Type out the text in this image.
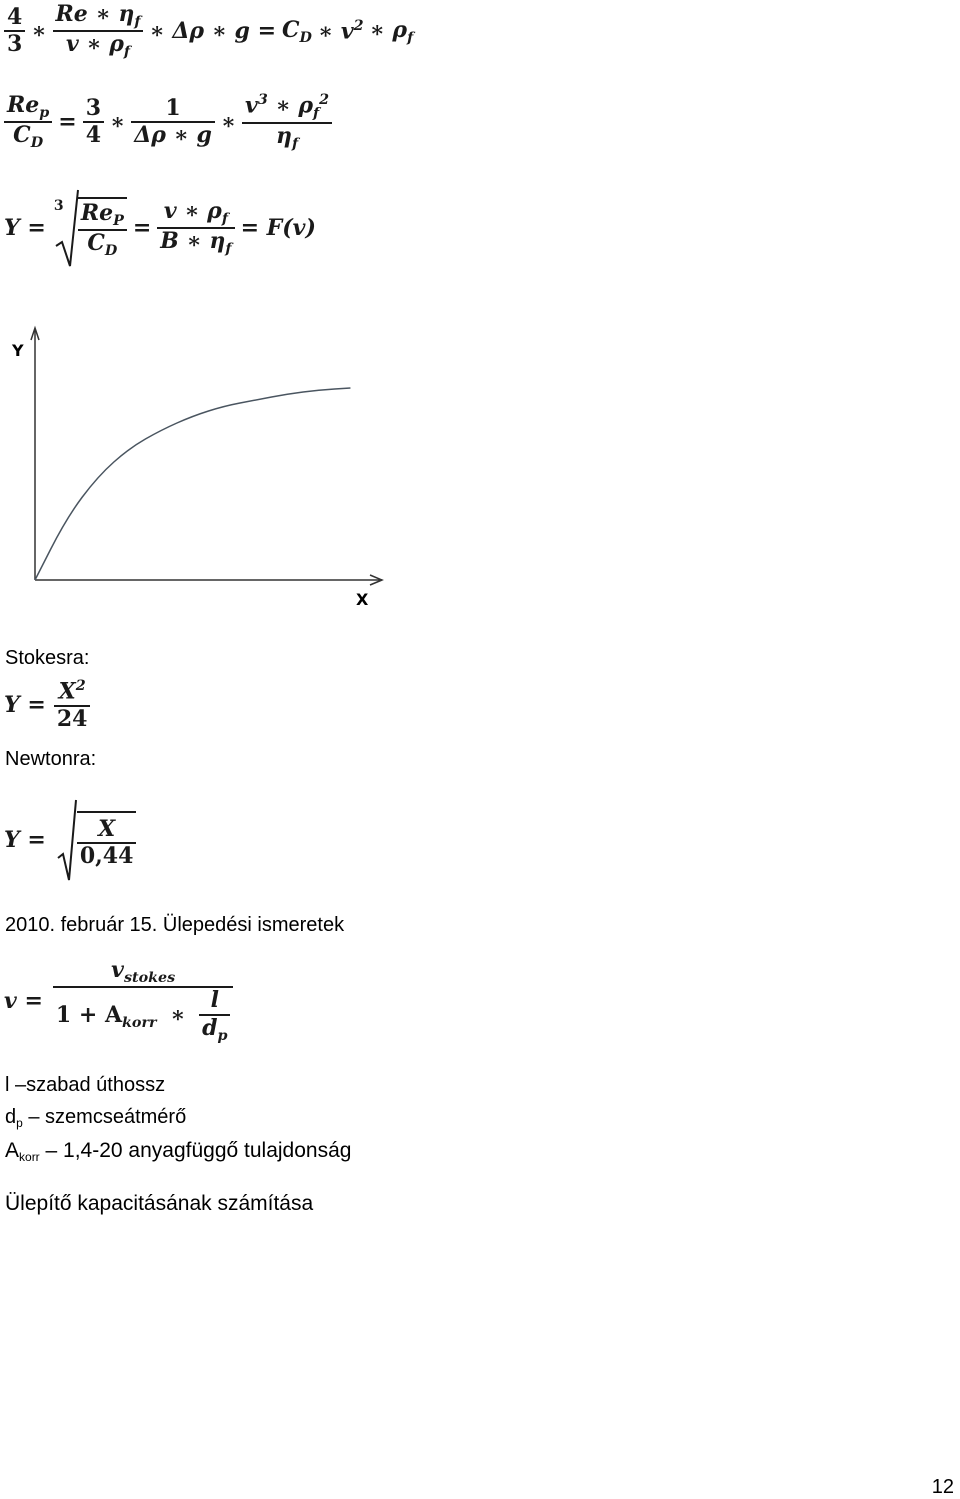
$\frac{4}{3}$ ∗ $\frac{Re ∗ \eta_f}{v ∗ \rho_f}$ ∗ Δρ ∗ $g = C_D$ ∗ $v^2$ ∗ $\rho_f$
$\frac{Re_p}{C_D} = \frac{3}{4}$ ∗ $\frac{1}{\Delta\rho ∗ g}$ ∗ $\frac{v^3 ∗ \rho_f^2}{\eta_f}$
Y =
$3 \frac{Re_P}{C_D} = \frac{v ∗ \rho_f}{B ∗ \eta_f} = F(v)$
Y
X
Stokesra:
$Y = \frac{X^2}{24}$
Newtonra:
$Y = \frac{X}{0,44}$
2010. február 15. Ülepedési ismeretek
$v = \frac{v_{stokes}}{1 + A_{korr} ∗ \frac{l}{d_p}}$
l –szabad úthossz
$d_p$ – szemcseátmérő
$A_{korr} - 1,4-20$ anyagfüggő tulajdonság
Ülepítő kapacitásának számítása
12
